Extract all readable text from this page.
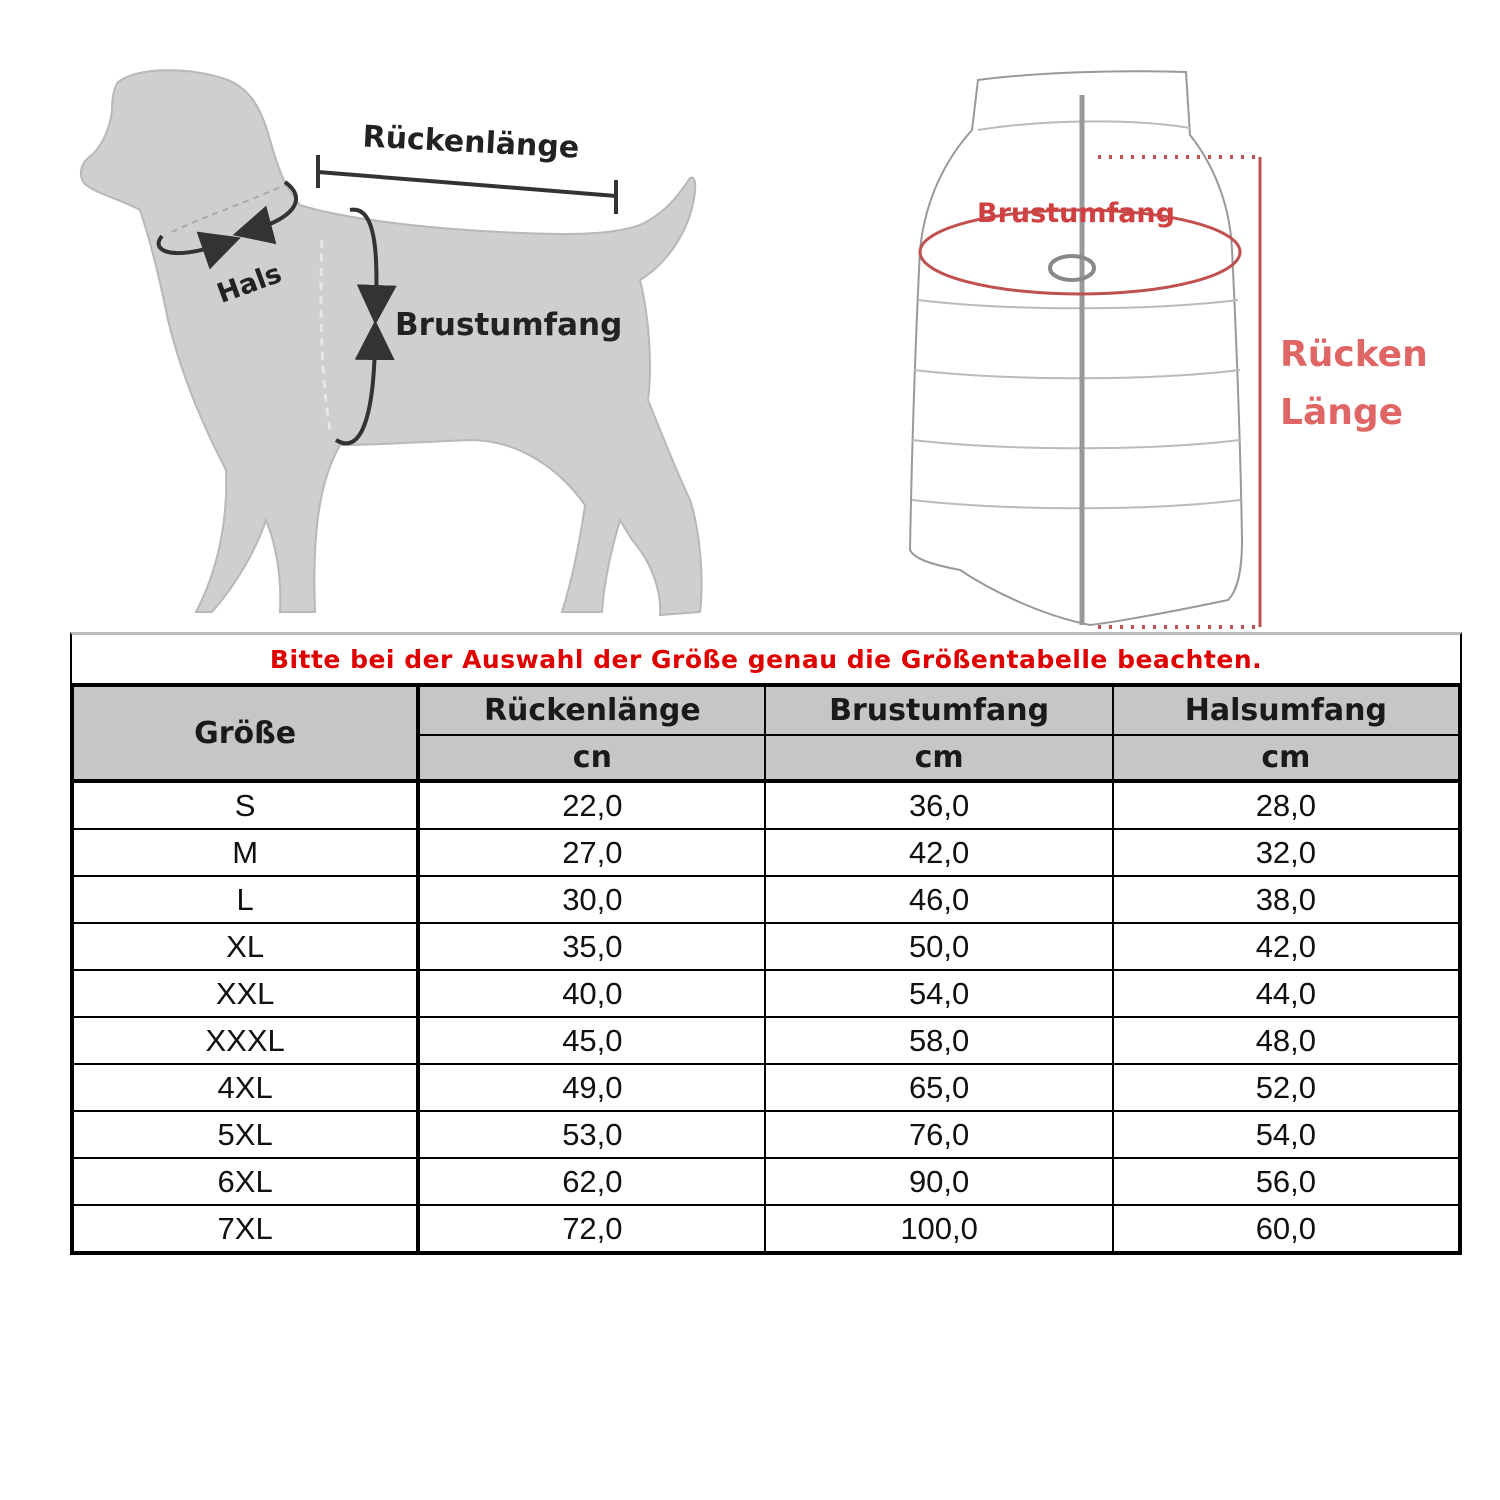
Rückenlänge
Hals
Brustumfang
Brustumfang
Rücken
Länge
Bitte bei der Auswahl der Größe genau die Größentabelle beachten.
Größe	Rückenlänge	Brustumfang	Halsumfang
	cn	cm	cm
S	22,0	36,0	28,0
M	27,0	42,0	32,0
L	30,0	46,0	38,0
XL	35,0	50,0	42,0
XXL	40,0	54,0	44,0
XXXL	45,0	58,0	48,0
4XL	49,0	65,0	52,0
5XL	53,0	76,0	54,0
6XL	62,0	90,0	56,0
7XL	72,0	100,0	60,0
